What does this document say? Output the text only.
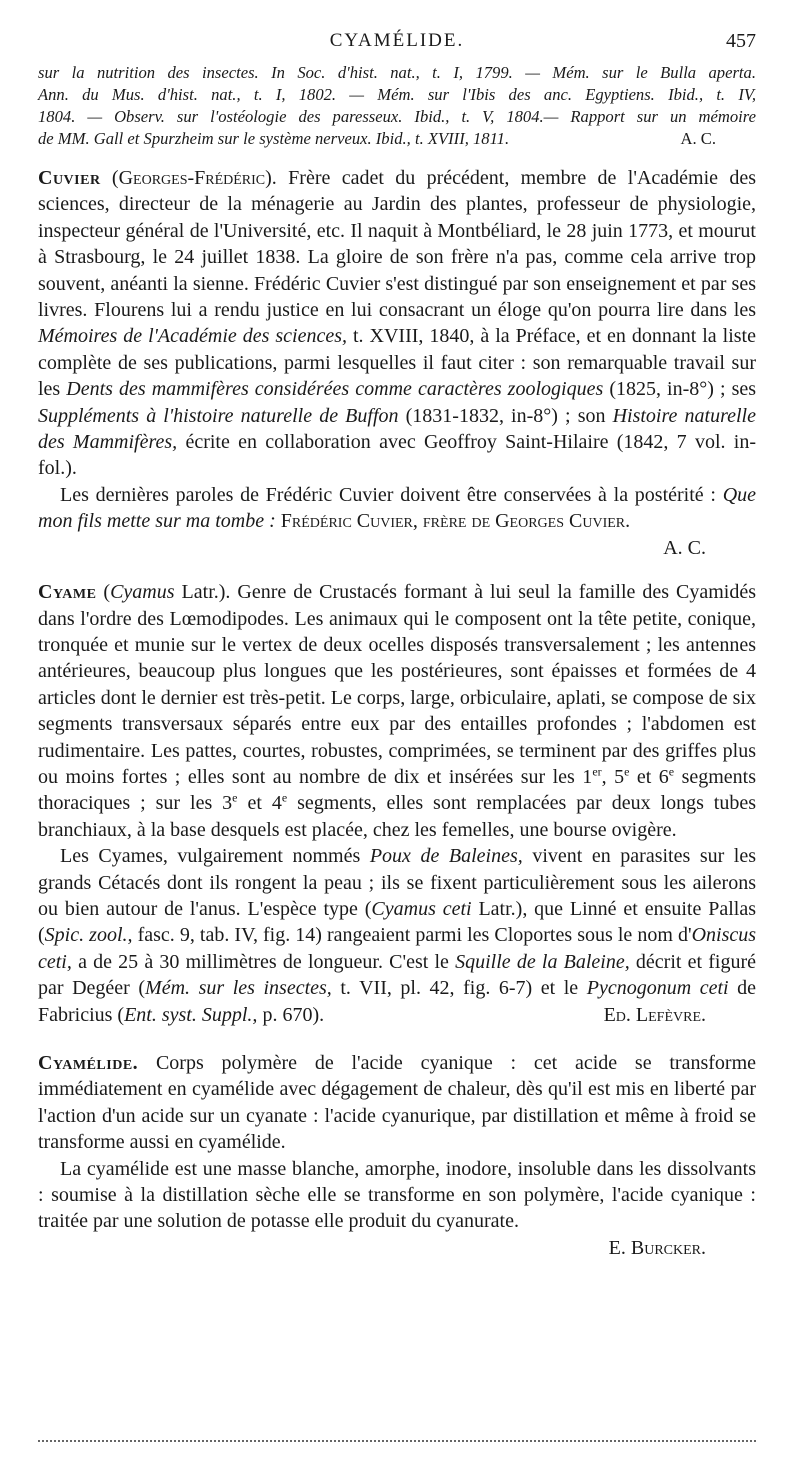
CYAMÉLIDE.	457
sur la nutrition des insectes. In Soc. d'hist. nat., t. I, 1799. — Mém. sur le Bulla aperta.
Ann. du Mus. d'hist. nat., t. I, 1802. — Mém. sur l'Ibis des anc. Egyptiens. Ibid., t. IV,
1804. — Observ. sur l'ostéologie des paresseux. Ibid., t. V, 1804.— Rapport sur un mémoire
de MM. Gall et Spurzheim sur le système nerveux. Ibid., t. XVIII, 1811.	A. C.

Cuvier (Georges-Frédéric). Frère cadet du précédent, membre de l'Académie des sciences, directeur de la ménagerie au Jardin des plantes, professeur de physiologie, inspecteur général de l'Université, etc. Il naquit à Montbéliard, le 28 juin 1773, et mourut à Strasbourg, le 24 juillet 1838. La gloire de son frère n'a pas, comme cela arrive trop souvent, anéanti la sienne. Frédéric Cuvier s'est distingué par son enseignement et par ses livres. Flourens lui a rendu justice en lui consacrant un éloge qu'on pourra lire dans les Mémoires de l'Académie des sciences, t. XVIII, 1840, à la Préface, et en donnant la liste complète de ses publications, parmi lesquelles il faut citer : son remarquable travail sur les Dents des mammifères considérées comme caractères zoologiques (1825, in-8°) ; ses Suppléments à l'histoire naturelle de Buffon (1831-1832, in-8°) ; son Histoire naturelle des Mammifères, écrite en collaboration avec Geoffroy Saint-Hilaire (1842, 7 vol. in-fol.).

Les dernières paroles de Frédéric Cuvier doivent être conservées à la postérité : Que mon fils mette sur ma tombe : Frédéric Cuvier, frère de Georges Cuvier.

A. C.

Cyame (Cyamus Latr.). Genre de Crustacés formant à lui seul la famille des Cyamidés dans l'ordre des Lœmodipodes. Les animaux qui le composent ont la tête petite, conique, tronquée et munie sur le vertex de deux ocelles disposés transversalement ; les antennes antérieures, beaucoup plus longues que les postérieures, sont épaisses et formées de 4 articles dont le dernier est très-petit. Le corps, large, orbiculaire, aplati, se compose de six segments transversaux séparés entre eux par des entailles profondes ; l'abdomen est rudimentaire. Les pattes, courtes, robustes, comprimées, se terminent par des griffes plus ou moins fortes ; elles sont au nombre de dix et insérées sur les 1er, 5e et 6e segments thoraciques ; sur les 3e et 4e segments, elles sont remplacées par deux longs tubes branchiaux, à la base desquels est placée, chez les femelles, une bourse ovigère.

Les Cyames, vulgairement nommés Poux de Baleines, vivent en parasites sur les grands Cétacés dont ils rongent la peau ; ils se fixent particulièrement sous les ailerons ou bien autour de l'anus. L'espèce type (Cyamus ceti Latr.), que Linné et ensuite Pallas (Spic. zool., fasc. 9, tab. IV, fig. 14) rangeaient parmi les Cloportes sous le nom d'Oniscus ceti, a de 25 à 30 millimètres de longueur. C'est le Squille de la Baleine, décrit et figuré par Degéer (Mém. sur les insectes, t. VII, pl. 42, fig. 6-7) et le Pycnogonum ceti de Fabricius (Ent. syst. Suppl., p. 670).	Ed. Lefèvre.

Cyamélide. Corps polymère de l'acide cyanique : cet acide se transforme immédiatement en cyamélide avec dégagement de chaleur, dès qu'il est mis en liberté par l'action d'un acide sur un cyanate : l'acide cyanurique, par distillation et même à froid se transforme aussi en cyamélide.

La cyamélide est une masse blanche, amorphe, inodore, insoluble dans les dissolvants : soumise à la distillation sèche elle se transforme en son polymère, l'acide cyanique : traitée par une solution de potasse elle produit du cyanurate.

E. Burcker.
